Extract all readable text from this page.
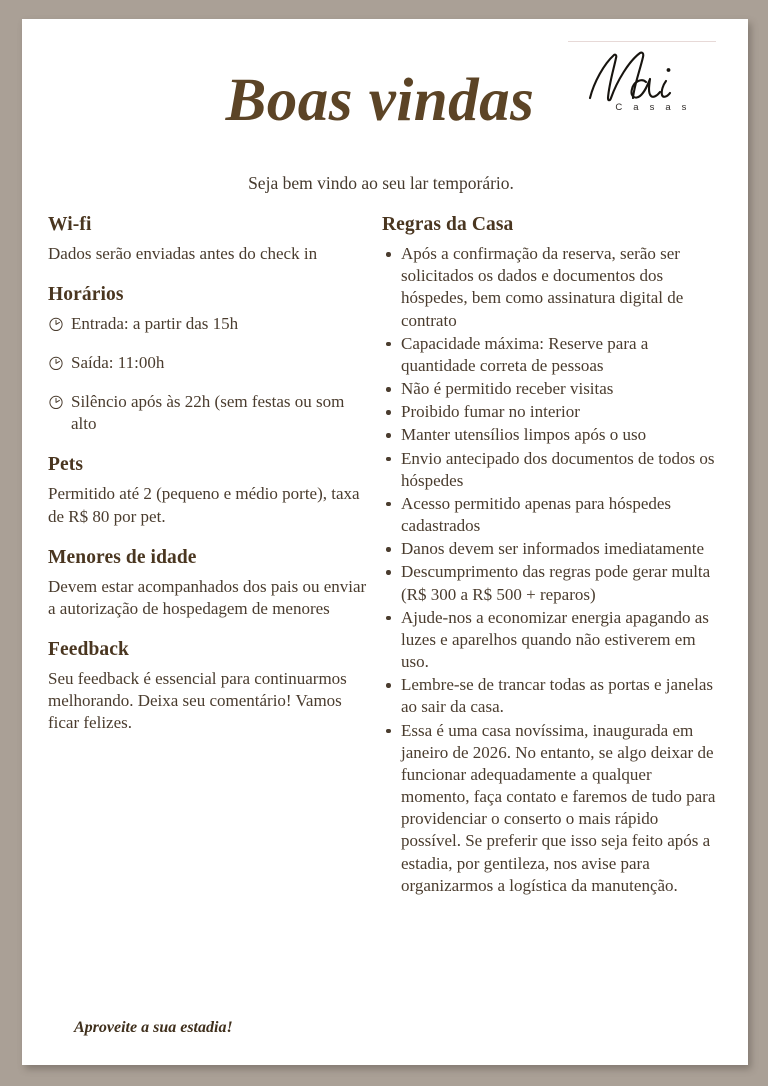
C a s a s
Boas vindas
Seja bem vindo ao seu lar temporário.
Wi-fi

Dados serão enviadas antes do check in

Horários
Entrada: a partir das 15h
Saída: 11:00h
Silêncio após às 22h (sem festas ou som alto
Pets

Permitido até 2 (pequeno e médio porte), taxa de R$ 80 por pet.

Menores de idade

Devem estar acompanhados dos pais ou enviar a autorização de hospedagem de menores

Feedback

Seu feedback é essencial para continuarmos melhorando. Deixa seu comentário! Vamos ficar felizes.

Regras da Casa
Após a confirmação da reserva, serão ser solicitados os dados e documentos dos hóspedes, bem como assinatura digital de contrato
Capacidade máxima: Reserve para a quantidade correta de pessoas
Não é permitido receber visitas
Proibido fumar no interior
Manter utensílios limpos após o uso
Envio antecipado dos documentos de todos os hóspedes
Acesso permitido apenas para hóspedes cadastrados
Danos devem ser informados imediatamente
Descumprimento das regras pode gerar multa (R$ 300 a R$ 500 + reparos)
Ajude-nos a economizar energia apagando as luzes e aparelhos quando não estiverem em uso.
Lembre-se de trancar todas as portas e janelas ao sair da casa.
Essa é uma casa novíssima, inaugurada em janeiro de 2026. No entanto, se algo deixar de funcionar adequadamente a qualquer momento, faça contato e faremos de tudo para providenciar o conserto o mais rápido possível. Se preferir que isso seja feito após a estadia, por gentileza, nos avise para organizarmos a logística da manutenção.
Aproveite a sua estadia!
